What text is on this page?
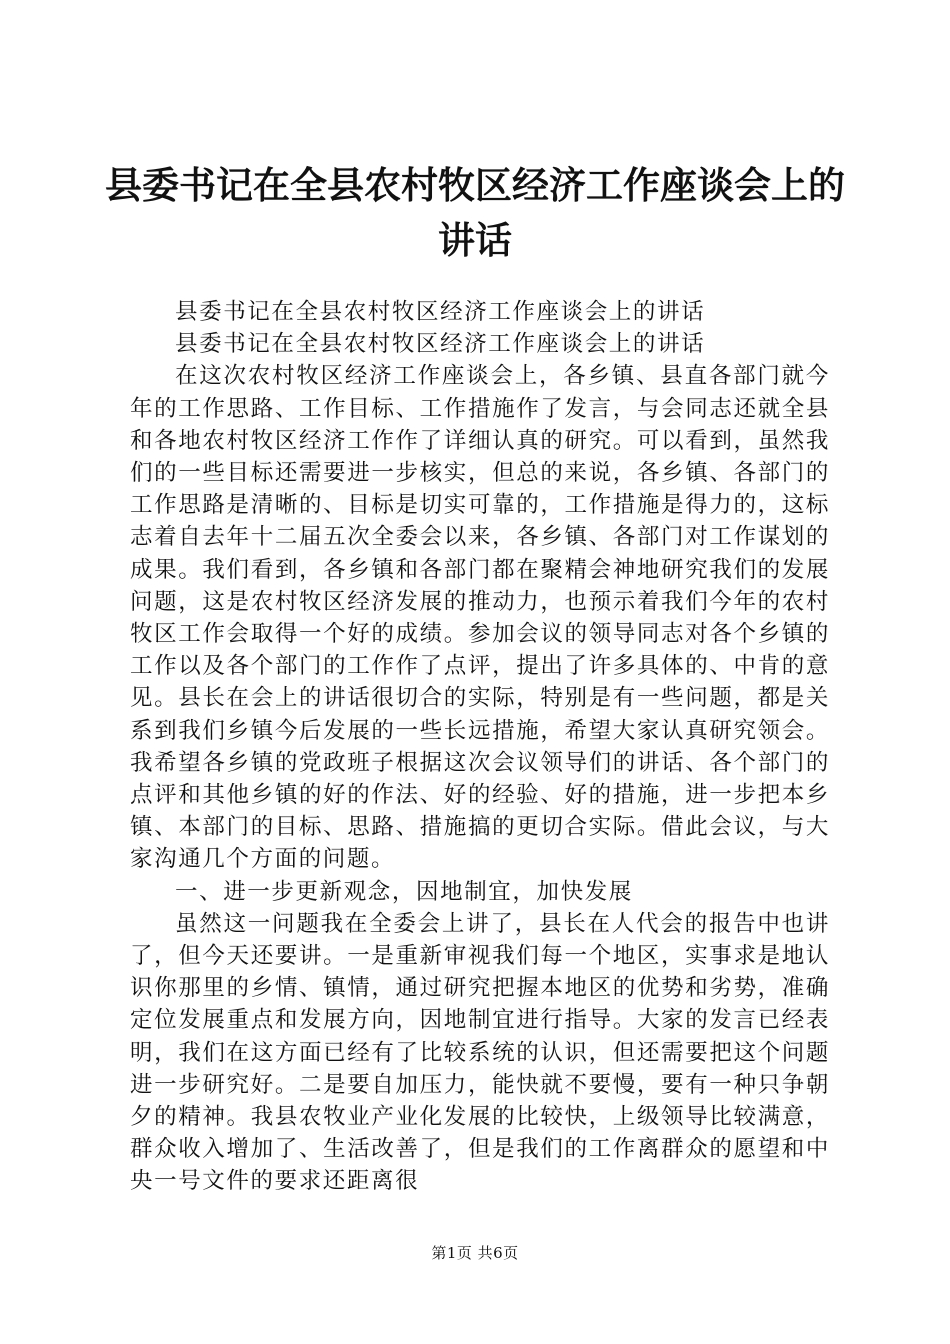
县委书记在全县农村牧区经济工作座谈会上的
讲话

县委书记在全县农村牧区经济工作座谈会上的讲话

县委书记在全县农村牧区经济工作座谈会上的讲话

在这次农村牧区经济工作座谈会上，各乡镇、县直各部门就今年的工作思路、工作目标、工作措施作了发言，与会同志还就全县和各地农村牧区经济工作作了详细认真的研究。可以看到，虽然我们的一些目标还需要进一步核实，但总的来说，各乡镇、各部门的工作思路是清晰的、目标是切实可靠的，工作措施是得力的，这标志着自去年十二届五次全委会以来，各乡镇、各部门对工作谋划的成果。我们看到，各乡镇和各部门都在聚精会神地研究我们的发展问题，这是农村牧区经济发展的推动力，也预示着我们今年的农村牧区工作会取得一个好的成绩。参加会议的领导同志对各个乡镇的工作以及各个部门的工作作了点评，提出了许多具体的、中肯的意见。县长在会上的讲话很切合的实际，特别是有一些问题，都是关系到我们乡镇今后发展的一些长远措施，希望大家认真研究领会。我希望各乡镇的党政班子根据这次会议领导们的讲话、各个部门的点评和其他乡镇的好的作法、好的经验、好的措施，进一步把本乡镇、本部门的目标、思路、措施搞的更切合实际。借此会议，与大家沟通几个方面的问题。

一、进一步更新观念，因地制宜，加快发展

虽然这一问题我在全委会上讲了，县长在人代会的报告中也讲了，但今天还要讲。一是重新审视我们每一个地区，实事求是地认识你那里的乡情、镇情，通过研究把握本地区的优势和劣势，准确定位发展重点和发展方向，因地制宜进行指导。大家的发言已经表明，我们在这方面已经有了比较系统的认识，但还需要把这个问题进一步研究好。二是要自加压力，能快就不要慢，要有一种只争朝夕的精神。我县农牧业产业化发展的比较快，上级领导比较满意，群众收入增加了、生活改善了，但是我们的工作离群众的愿望和中央一号文件的要求还距离很

第1页 共6页
